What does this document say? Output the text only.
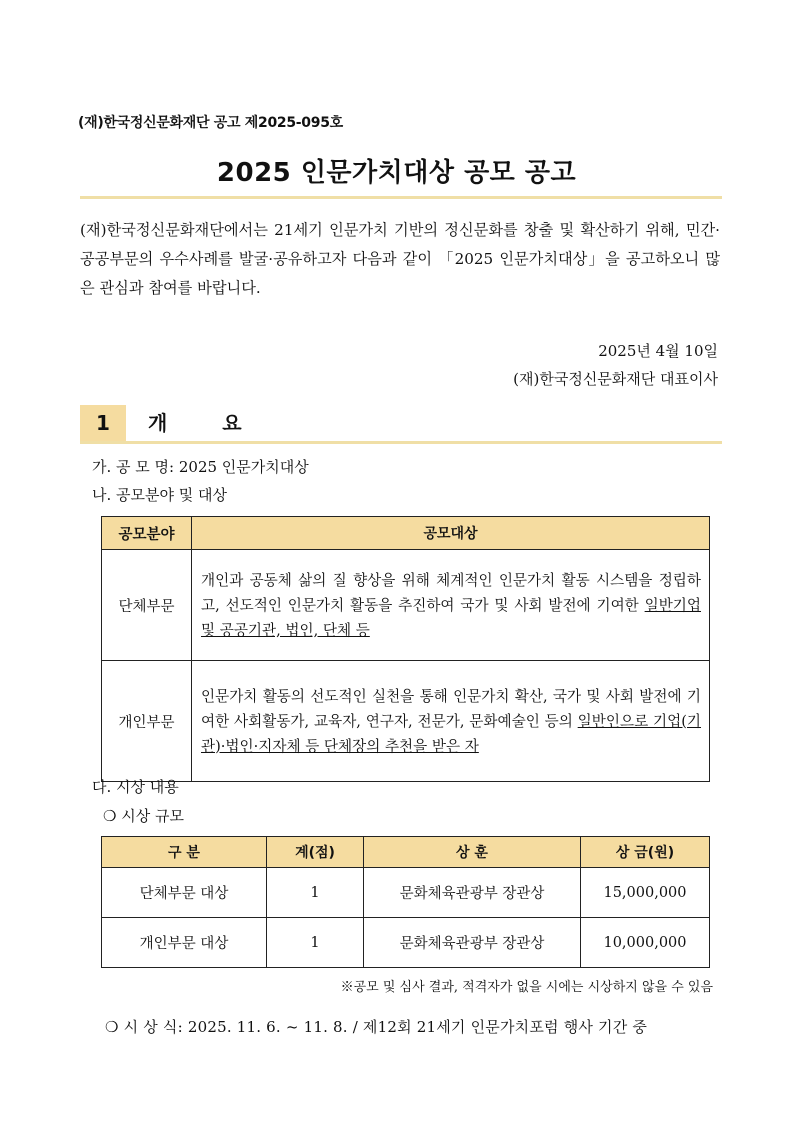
(재)한국정신문화재단 공고 제2025-095호
2025 인문가치대상 공모 공고
(재)한국정신문화재단에서는 21세기 인문가치 기반의 정신문화를 창출 및 확산하기 위해, 민간·공공부문의 우수사례를 발굴·공유하고자 다음과 같이 「2025 인문가치대상」을 공고하오니 많은 관심과 참여를 바랍니다.
2025년 4월 10일
(재)한국정신문화재단 대표이사
1	개 요
가. 공 모 명: 2025 인문가치대상
나. 공모분야 및 대상
공모분야	공모대상
단체부문	개인과 공동체 삶의 질 향상을 위해 체계적인 인문가치 활동 시스템을 정립하고, 선도적인 인문가치 활동을 추진하여 국가 및 사회 발전에 기여한 일반기업 및 공공기관, 법인, 단체 등
개인부문	인문가치 활동의 선도적인 실천을 통해 인문가치 확산, 국가 및 사회 발전에 기여한 사회활동가, 교육자, 연구자, 전문가, 문화예술인 등의 일반인으로 기업(기관)·법인·지자체 등 단체장의 추천을 받은 자
다. 시상 내용
❍ 시상 규모
구 분	계(점)	상 훈	상 금(원)
단체부문 대상	1	문화체육관광부 장관상	15,000,000
개인부문 대상	1	문화체육관광부 장관상	10,000,000
※공모 및 심사 결과, 적격자가 없을 시에는 시상하지 않을 수 있음
❍ 시 상 식: 2025. 11. 6. ~ 11. 8. / 제12회 21세기 인문가치포럼 행사 기간 중
